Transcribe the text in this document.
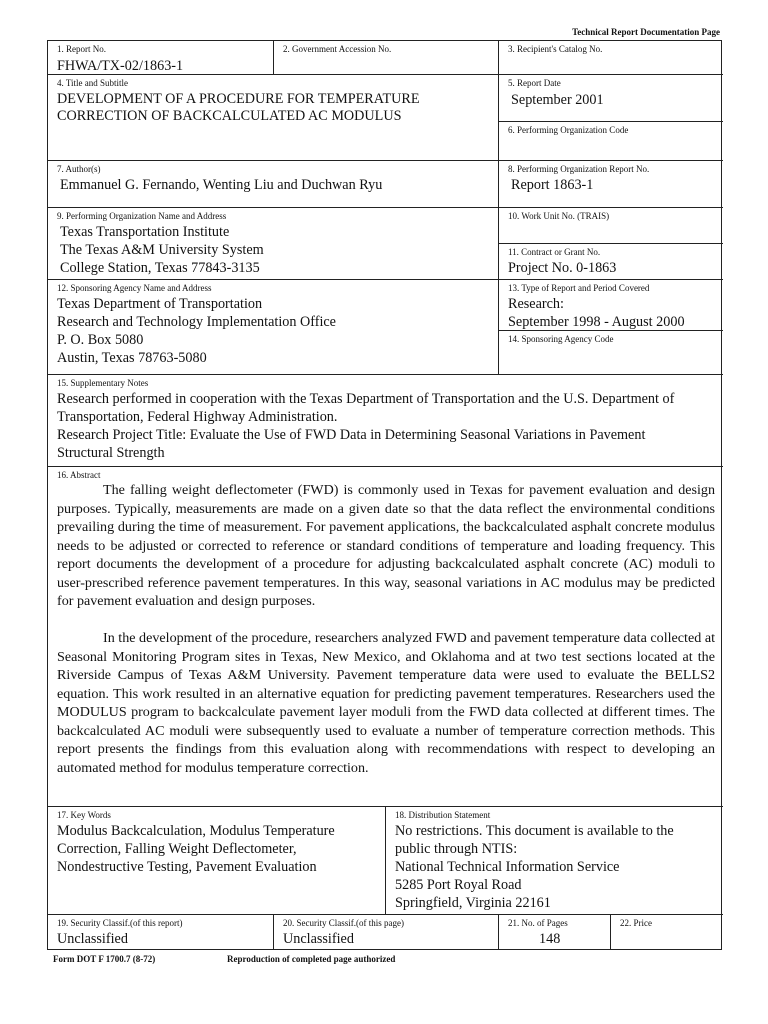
Technical Report Documentation Page
1. Report No.
FHWA/TX-02/1863-1
2. Government Accession No.	3. Recipient's Catalog No.
4. Title and Subtitle
DEVELOPMENT OF A PROCEDURE FOR TEMPERATURE
CORRECTION OF BACKCALCULATED AC MODULUS
5. Report Date
September 2001
6. Performing Organization Code
7. Author(s)
Emmanuel G. Fernando, Wenting Liu and Duchwan Ryu
8. Performing Organization Report No.
Report 1863-1
9. Performing Organization Name and Address
Texas Transportation Institute
The Texas A&M University System
College Station, Texas 77843-3135
10. Work Unit No. (TRAIS)
11. Contract or Grant No.
Project No. 0-1863
12. Sponsoring Agency Name and Address
Texas Department of Transportation
Research and Technology Implementation Office
P. O. Box 5080
Austin, Texas 78763-5080
13. Type of Report and Period Covered
Research:
September 1998 - August 2000
14. Sponsoring Agency Code
15. Supplementary Notes
Research performed in cooperation with the Texas Department of Transportation and the U.S. Department of
Transportation, Federal Highway Administration.
Research Project Title: Evaluate the Use of FWD Data in Determining Seasonal Variations in Pavement
Structural Strength
16. Abstract

The falling weight deflectometer (FWD) is commonly used in Texas for pavement evaluation and design purposes. Typically, measurements are made on a given date so that the data reflect the environmental conditions prevailing during the time of measurement. For pavement applications, the backcalculated asphalt concrete modulus needs to be adjusted or corrected to reference or standard conditions of temperature and loading frequency. This report documents the development of a procedure for adjusting backcalculated asphalt concrete (AC) moduli to user-prescribed reference pavement temperatures. In this way, seasonal variations in AC modulus may be predicted for pavement evaluation and design purposes.

In the development of the procedure, researchers analyzed FWD and pavement temperature data collected at Seasonal Monitoring Program sites in Texas, New Mexico, and Oklahoma and at two test sections located at the Riverside Campus of Texas A&M University. Pavement temperature data were used to evaluate the BELLS2 equation. This work resulted in an alternative equation for predicting pavement temperatures. Researchers used the MODULUS program to backcalculate pavement layer moduli from the FWD data collected at different times. The backcalculated AC moduli were subsequently used to evaluate a number of temperature correction methods. This report presents the findings from this evaluation along with recommendations with respect to developing an automated method for modulus temperature correction.

17. Key Words
Modulus Backcalculation, Modulus Temperature
Correction, Falling Weight Deflectometer,
Nondestructive Testing, Pavement Evaluation
18. Distribution Statement
No restrictions. This document is available to the
public through NTIS:
National Technical Information Service
5285 Port Royal Road
Springfield, Virginia 22161
19. Security Classif.(of this report)
Unclassified
20. Security Classif.(of this page)
Unclassified
21. No. of Pages
148
22. Price
Form DOT F 1700.7 (8-72)	Reproduction of completed page authorized
